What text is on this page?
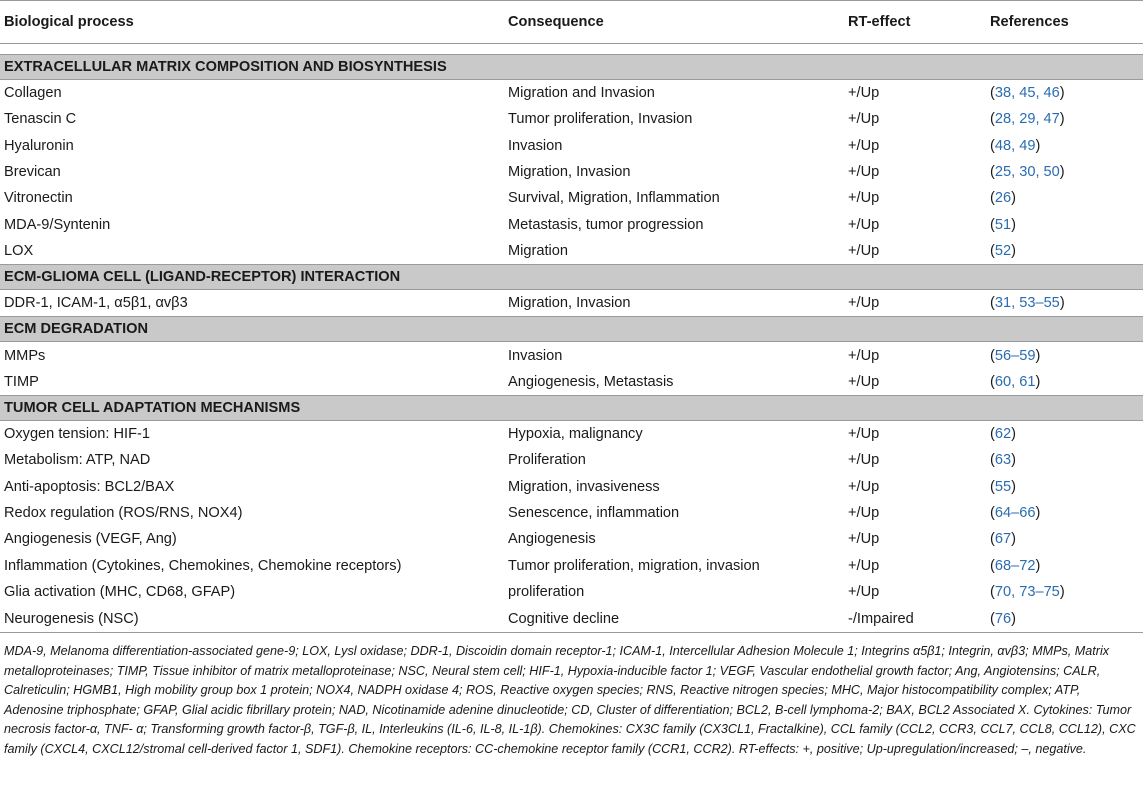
Biological process	Consequence	RT-effect	References

EXTRACELLULAR MATRIX COMPOSITION AND BIOSYNTHESIS			
Collagen	Migration and Invasion	+/Up	(38, 45, 46)
Tenascin C	Tumor proliferation, Invasion	+/Up	(28, 29, 47)
Hyaluronin	Invasion	+/Up	(48, 49)
Brevican	Migration, Invasion	+/Up	(25, 30, 50)
Vitronectin	Survival, Migration, Inflammation	+/Up	(26)
MDA-9/Syntenin	Metastasis, tumor progression	+/Up	(51)
LOX	Migration	+/Up	(52)
ECM-GLIOMA CELL (LIGAND-RECEPTOR) INTERACTION			
DDR-1, ICAM-1, α5β1, αvβ3	Migration, Invasion	+/Up	(31, 53–55)
ECM DEGRADATION			
MMPs	Invasion	+/Up	(56–59)
TIMP	Angiogenesis, Metastasis	+/Up	(60, 61)
TUMOR CELL ADAPTATION MECHANISMS			
Oxygen tension: HIF-1	Hypoxia, malignancy	+/Up	(62)
Metabolism: ATP, NAD	Proliferation	+/Up	(63)
Anti-apoptosis: BCL2/BAX	Migration, invasiveness	+/Up	(55)
Redox regulation (ROS/RNS, NOX4)	Senescence, inflammation	+/Up	(64–66)
Angiogenesis (VEGF, Ang)	Angiogenesis	+/Up	(67)
Inflammation (Cytokines, Chemokines, Chemokine receptors)	Tumor proliferation, migration, invasion	+/Up	(68–72)
Glia activation (MHC, CD68, GFAP)	proliferation	+/Up	(70, 73–75)
Neurogenesis (NSC)	Cognitive decline	-/Impaired	(76)
MDA-9, Melanoma differentiation-associated gene-9; LOX, Lysl oxidase; DDR-1, Discoidin domain receptor-1; ICAM-1, Intercellular Adhesion Molecule 1; Integrins α5β1; Integrin, αvβ3; MMPs, Matrix metalloproteinases; TIMP, Tissue inhibitor of matrix metalloproteinase; NSC, Neural stem cell; HIF-1, Hypoxia-inducible factor 1; VEGF, Vascular endothelial growth factor; Ang, Angiotensins; CALR, Calreticulin; HGMB1, High mobility group box 1 protein; NOX4, NADPH oxidase 4; ROS, Reactive oxygen species; RNS, Reactive nitrogen species; MHC, Major histocompatibility complex; ATP, Adenosine triphosphate; GFAP, Glial acidic fibrillary protein; NAD, Nicotinamide adenine dinucleotide; CD, Cluster of differentiation; BCL2, B-cell lymphoma-2; BAX, BCL2 Associated X. Cytokines: Tumor necrosis factor-α, TNF- α; Transforming growth factor-β, TGF-β, IL, Interleukins (IL-6, IL-8, IL-1β). Chemokines: CX3C family (CX3CL1, Fractalkine), CCL family (CCL2, CCR3, CCL7, CCL8, CCL12), CXC family (CXCL4, CXCL12/stromal cell-derived factor 1, SDF1). Chemokine receptors: CC-chemokine receptor family (CCR1, CCR2). RT-effects: +, positive; Up-upregulation/increased; –, negative.
